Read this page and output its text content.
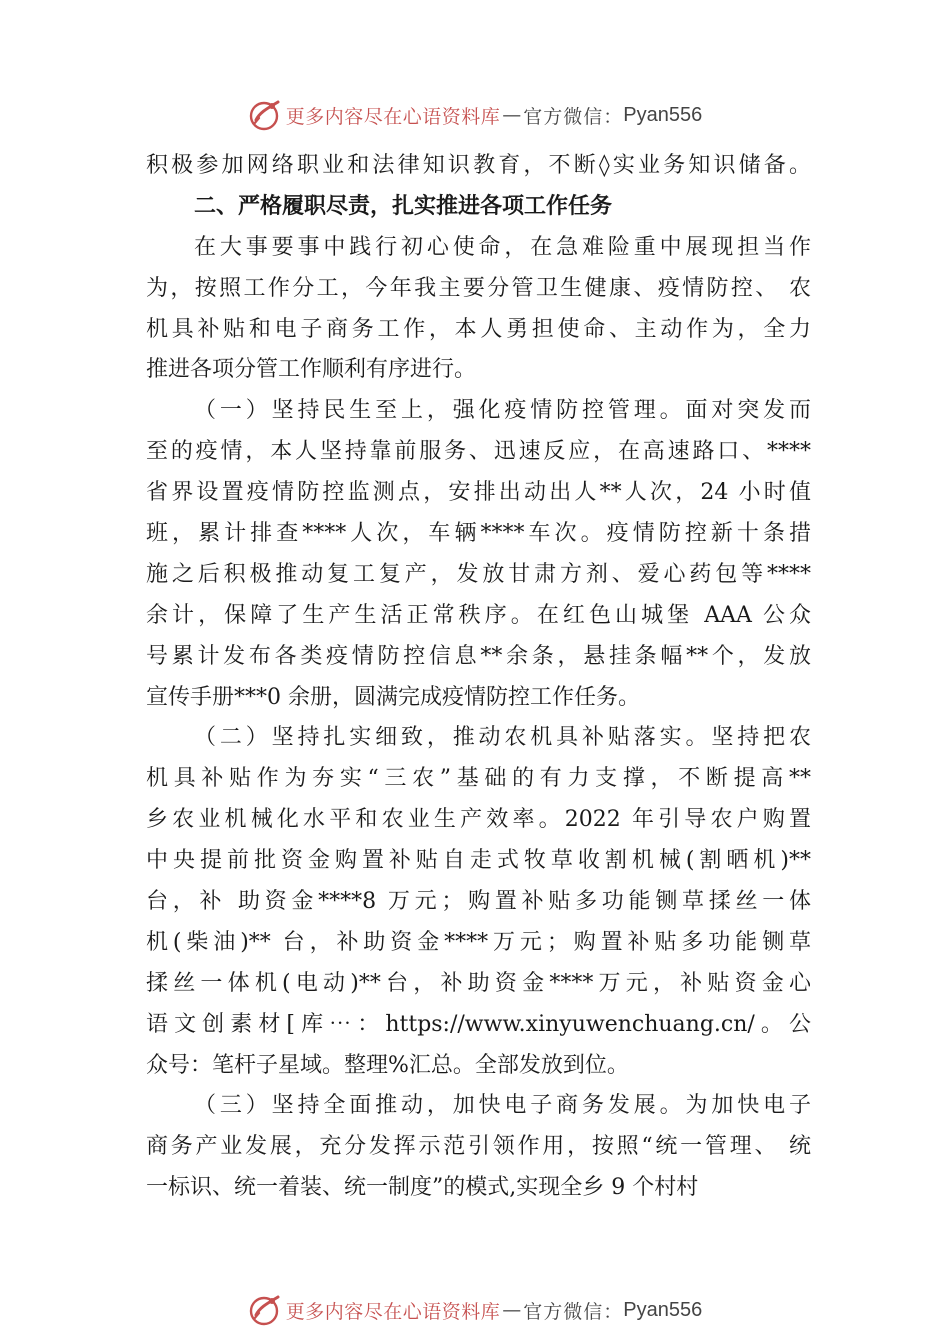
更多内容尽在心语资料库 — 官方微信： Pyan556
积极参加网络职业和法律知识教育，不断◊实业务知识储备。
二、严格履职尽责，扎实推进各项工作任务
在大事要事中践行初心使命，在急难险重中展现担当作
为，按照工作分工，今年我主要分管卫生健康、疫情防控、 农
机具补贴和电子商务工作，本人勇担使命、主动作为，全力
推进各项分管工作顺利有序进行。
（一）坚持民生至上，强化疫情防控管理。面对突发而
至的疫情，本人坚持靠前服务、迅速反应，在高速路口、****
省界设置疫情防控监测点，安排出动出人**人次，24 小时值
班，累计排查****人次，车辆****车次。疫情防控新十条措
施之后积极推动复工复产，发放甘肃方剂、爱心药包等****
余计，保障了生产生活正常秩序。在红色山城堡 AAA 公众
号累计发布各类疫情防控信息**余条，悬挂条幅**个，发放
宣传手册***0 余册，圆满完成疫情防控工作任务。
（二）坚持扎实细致，推动农机具补贴落实。坚持把农
机具补贴作为夯实“三农”基础的有力支撑，不断提高**
乡农业机械化水平和农业生产效率。2022 年引导农户购置
中央提前批资金购置补贴自走式牧草收割机械(割晒机)**
台，补 助资金****8 万元；购置补贴多功能铡草揉丝一体
机(柴油)** 台，补助资金****万元；购置补贴多功能铡草
揉丝一体机(电动)**台，补助资金****万元，补贴资金心
语文创素材[库⋯：https://www.xinyuwenchuang.cn/。公
众号：笔杆子星域。整理%汇总。全部发放到位。
（三）坚持全面推动，加快电子商务发展。为加快电子
商务产业发展，充分发挥示范引领作用，按照“统一管理、 统
一标识、统一着装、统一制度”的模式,实现全乡 9 个村村
更多内容尽在心语资料库 — 官方微信： Pyan556
